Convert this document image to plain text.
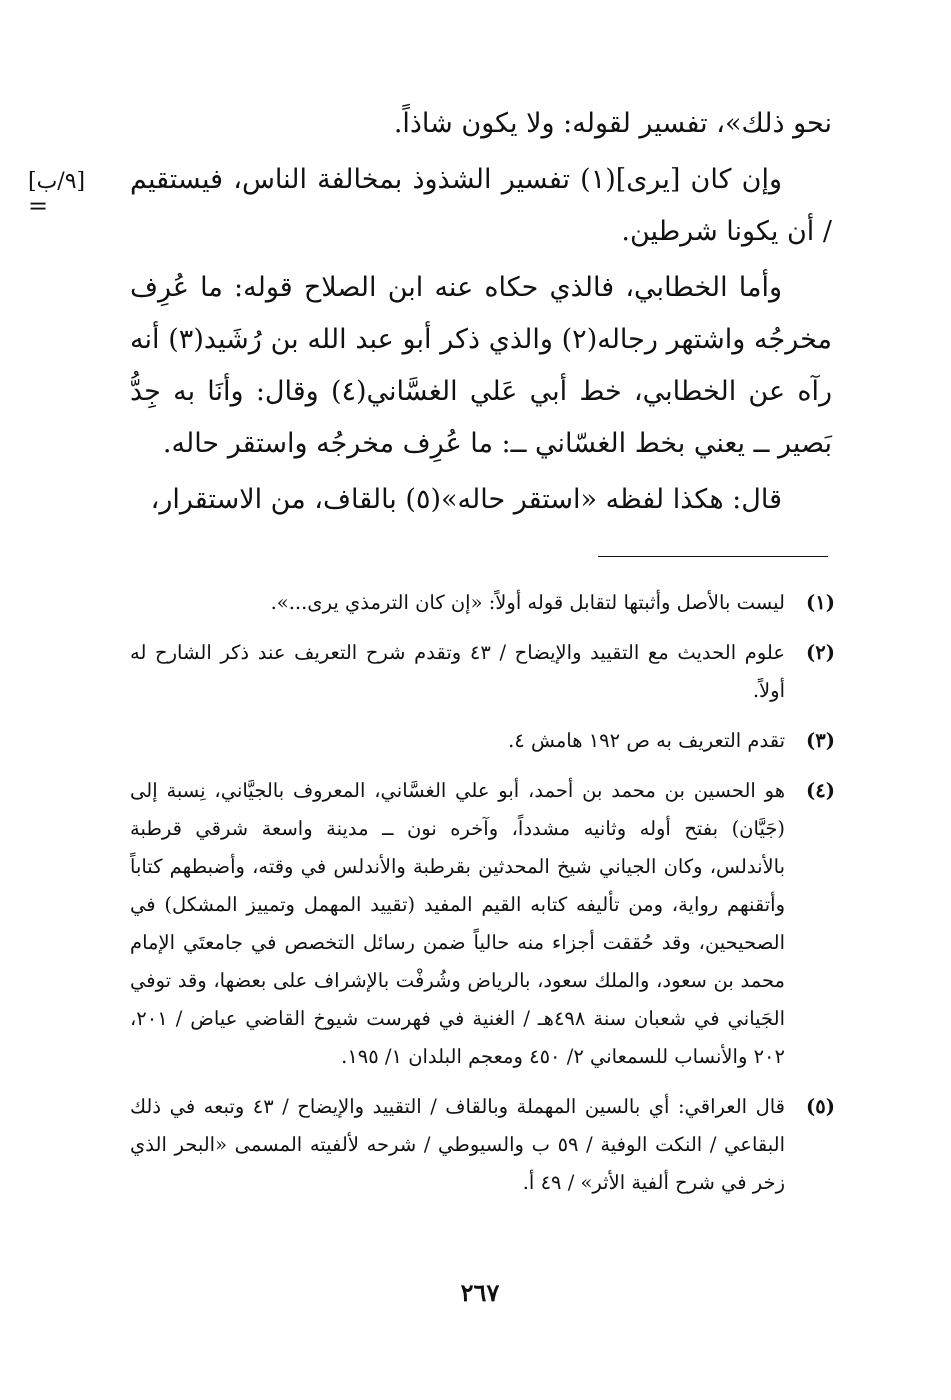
نحو ذلك»، تفسير لقوله: ولا يكون شاذاً.

وإن كان [يرى](١) تفسير الشذوذ بمخالفة الناس، فيستقيم / أن يكونا شرطين.

وأما الخطابي، فالذي حكاه عنه ابن الصلاح قوله: ما عُرِف مخرجُه واشتهر رجاله(٢) والذي ذكر أبو عبد الله بن رُشَيد(٣) أنه رآه عن الخطابي، خط أبي عَلي الغسَّاني(٤) وقال: وأنَا به جِدُّ بَصير ــ يعني بخط الغسّاني ــ: ما عُرِف مخرجُه واستقر حاله.

قال: هكذا لفظه «استقر حاله»(٥) بالقاف، من الاستقرار،

[٩/ب]
=
(١)
ليست بالأصل وأثبتها لتقابل قوله أولاً: «إن كان الترمذي يرى...».
(٢)
علوم الحديث مع التقييد والإيضاح / ٤٣ وتقدم شرح التعريف عند ذكر الشارح له أولاً.
(٣)
تقدم التعريف به ص ١٩٢ هامش ٤.
(٤)
هو الحسين بن محمد بن أحمد، أبو علي الغسَّاني، المعروف بالجيَّاني، نِسبة إلى (جَيَّان) بفتح أوله وثانيه مشدداً، وآخره نون ــ مدينة واسعة شرقي قرطبة بالأندلس، وكان الجياني شيخ المحدثين بقرطبة والأندلس في وقته، وأضبطهم كتاباً وأتقنهم رواية، ومن تأليفه كتابه القيم المفيد (تقييد المهمل وتمييز المشكل) في الصحيحين، وقد حُققت أجزاء منه حالياً ضمن رسائل التخصص في جامعتَي الإمام محمد بن سعود، والملك سعود، بالرياض وشُرفْت بالإشراف على بعضها، وقد توفي الجَياني في شعبان سنة ٤٩٨هـ / الغنية في فهرست شيوخ القاضي عياض / ٢٠١، ٢٠٢ والأنساب للسمعاني ٢/ ٤٥٠ ومعجم البلدان ١/ ١٩٥.
(٥)
قال العراقي: أي بالسين المهملة وبالقاف / التقييد والإيضاح / ٤٣ وتبعه في ذلك البقاعي / النكت الوفية / ٥٩ ب والسيوطي / شرحه لألفيته المسمى «البحر الذي زخر في شرح ألفية الأثر» / ٤٩ أ.
٢٦٧
